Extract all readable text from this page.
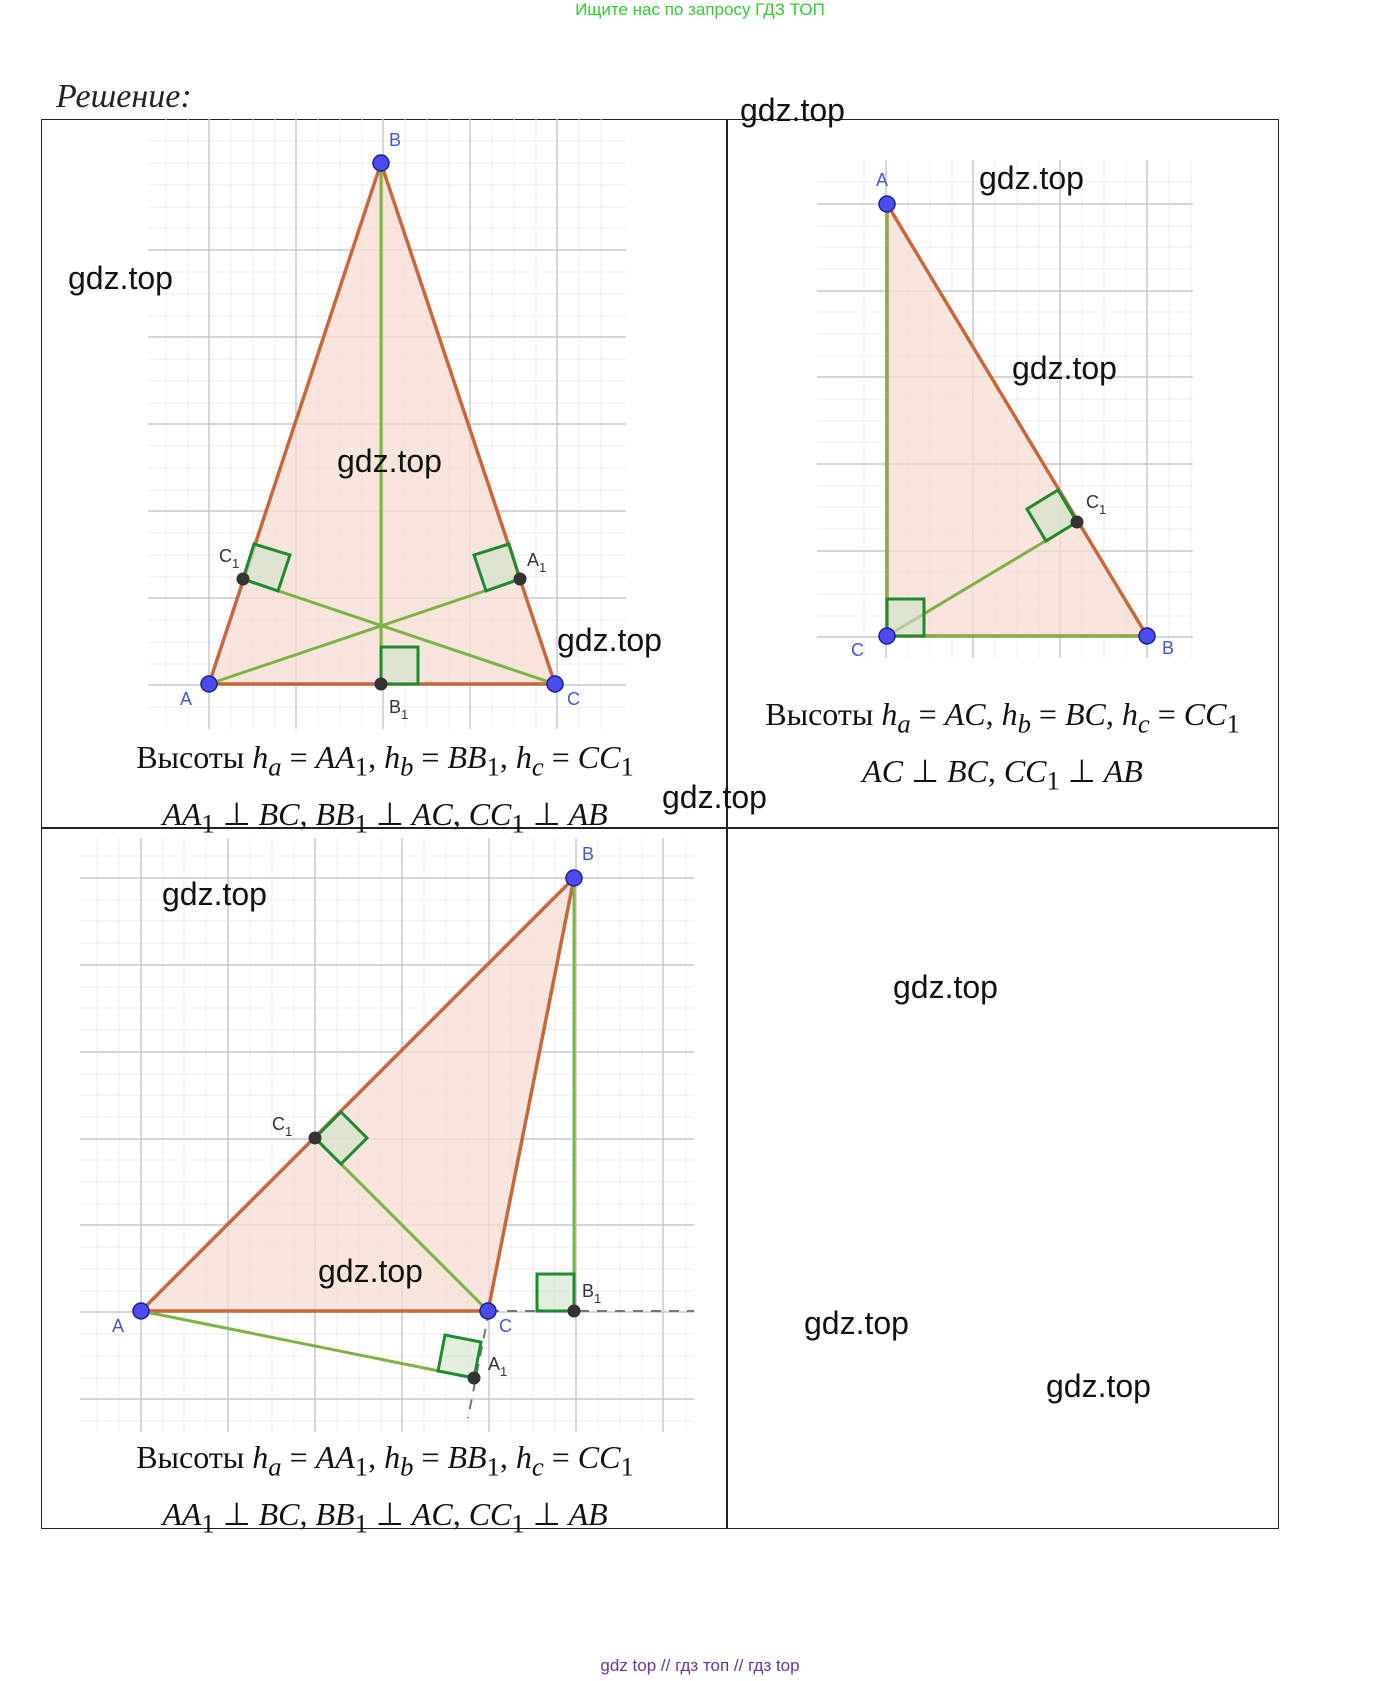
Ищите нас по запросу ГДЗ ТОП
Решение:
A
B
C
$B_1$
$A_1$
$C_1$
A
B
C
$C_1$
A
B
C
$B_1$
$C_1$
$A_1$
Высоты $h_a = AA_1$, $h_b = BB_1$, $h_c = CC_1$
$AA_1$ ⊥ BC, $BB_1$ ⊥ AC, $CC_1$ ⊥ AB
Высоты $h_a$ = AC, $h_b$ = BC, $h_c = CC_1$
AC ⊥ BC, $CC_1$ ⊥ AB
Высоты $h_a = AA_1$, $h_b = BB_1$, $h_c = CC_1$
$AA_1$ ⊥ BC, $BB_1$ ⊥ AC, $CC_1$ ⊥ AB
gdz.top
gdz.top
gdz.top
gdz.top
gdz.top
gdz.top
gdz.top
gdz.top
gdz.top
gdz.top
gdz.top
gdz.top
gdz top // гдз топ // гдз top
